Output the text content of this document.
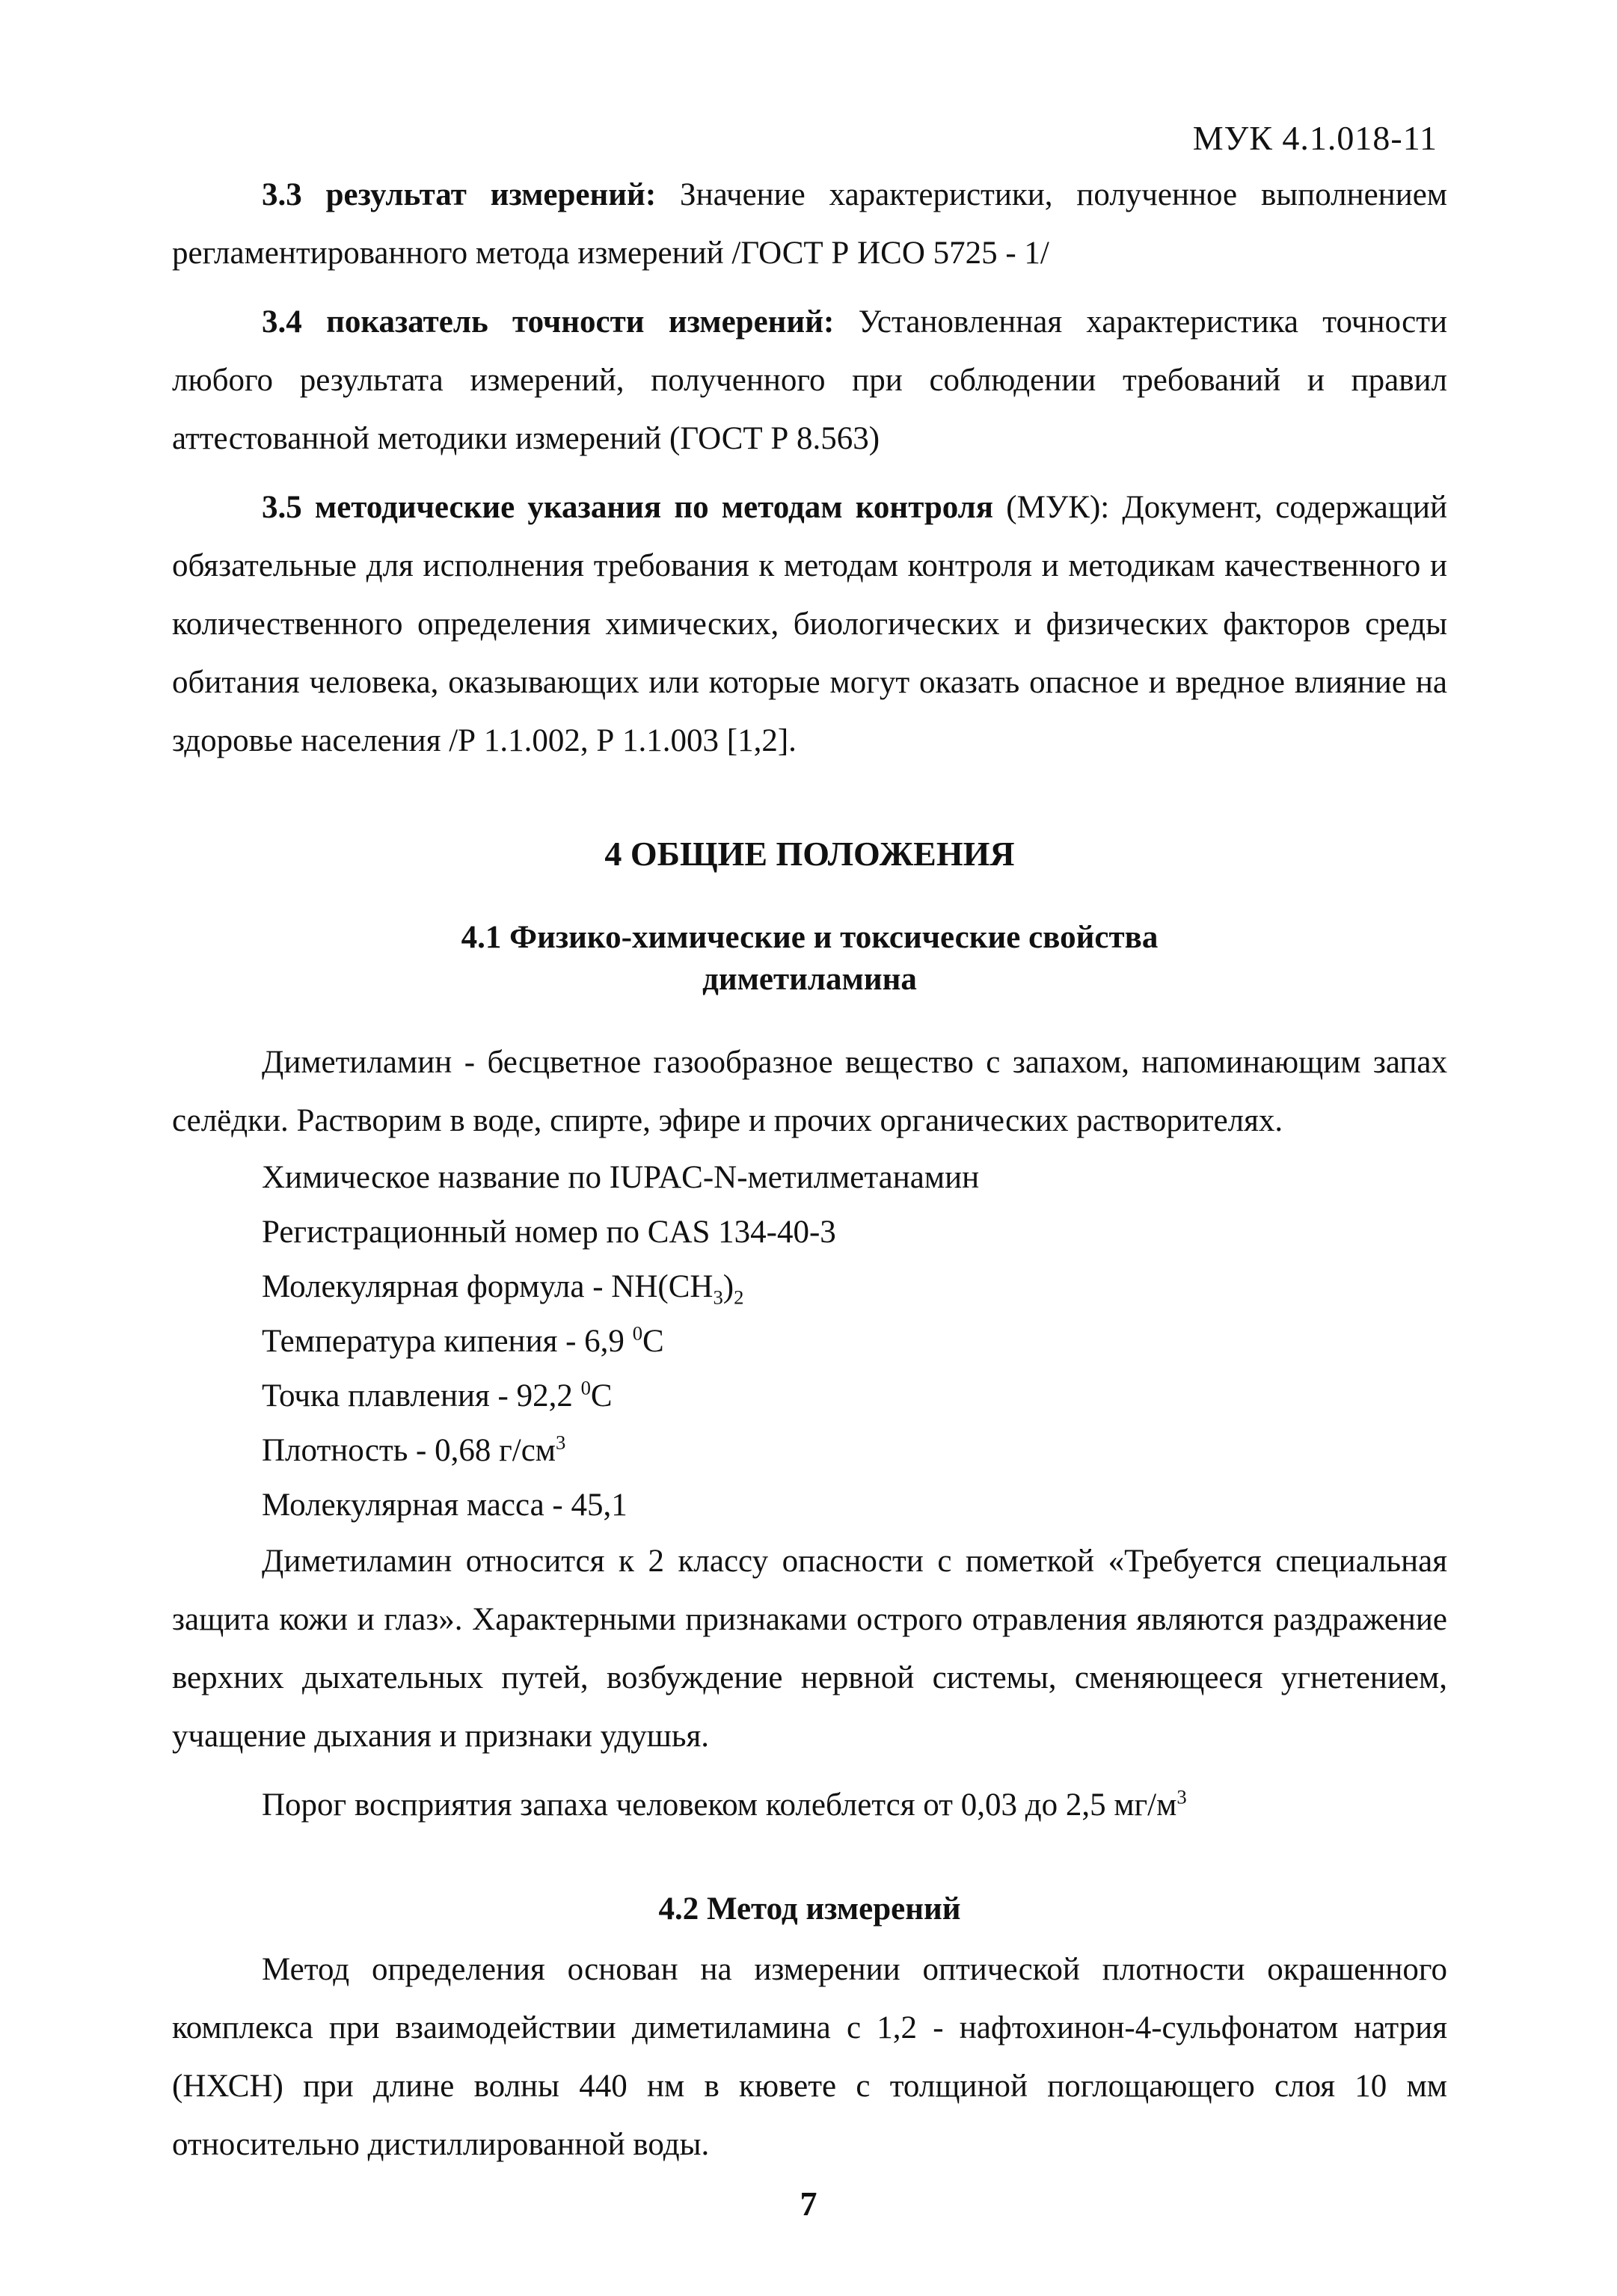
МУК 4.1.018-11

3.3 результат измерений: Значение характеристики, полученное выполнением регламентированного метода измерений /ГОСТ Р ИСО 5725 - 1/

3.4 показатель точности измерений: Установленная характеристика точности любого результата измерений, полученного при соблюдении требований и правил аттестованной методики измерений (ГОСТ Р 8.563)

3.5 методические указания по методам контроля (МУК): Документ, содержащий обязательные для исполнения требования к методам контроля и методикам качественного и количественного определения химических, биологических и физических факторов среды обитания человека, оказывающих или которые могут оказать опасное и вредное влияние на здоровье населения /Р 1.1.002, Р 1.1.003 [1,2].

4 ОБЩИЕ ПОЛОЖЕНИЯ
4.1 Физико-химические и токсические свойства
диметиламина

Диметиламин - бесцветное газообразное вещество с запахом, напоминающим запах селёдки. Растворим в воде, спирте, эфире и прочих органических растворителях.

Химическое название по IUPAC-N-метилметанамин

Регистрационный номер по CAS 134-40-3

Молекулярная формула - $NH(CH_3)_2$

Температура кипения - 6,9 $^0$С

Точка плавления - 92,2 $^0$С

Плотность - 0,68 $г/см^3$

Молекулярная масса - 45,1

Диметиламин относится к 2 классу опасности с пометкой «Требуется специальная защита кожи и глаз». Характерными признаками острого отравления являются раздражение верхних дыхательных путей, возбуждение нервной системы, сменяющееся угнетением, учащение дыхания и признаки удушья.

Порог восприятия запаха человеком колеблется от 0,03 до 2,5 $мг/м^3$

4.2 Метод измерений

Метод определения основан на измерении оптической плотности окрашенного комплекса при взаимодействии диметиламина с 1,2 - нафтохинон-4-сульфонатом натрия (НХСН) при длине волны 440 нм в кювете с толщиной поглощающего слоя 10 мм относительно дистиллированной воды.

7
